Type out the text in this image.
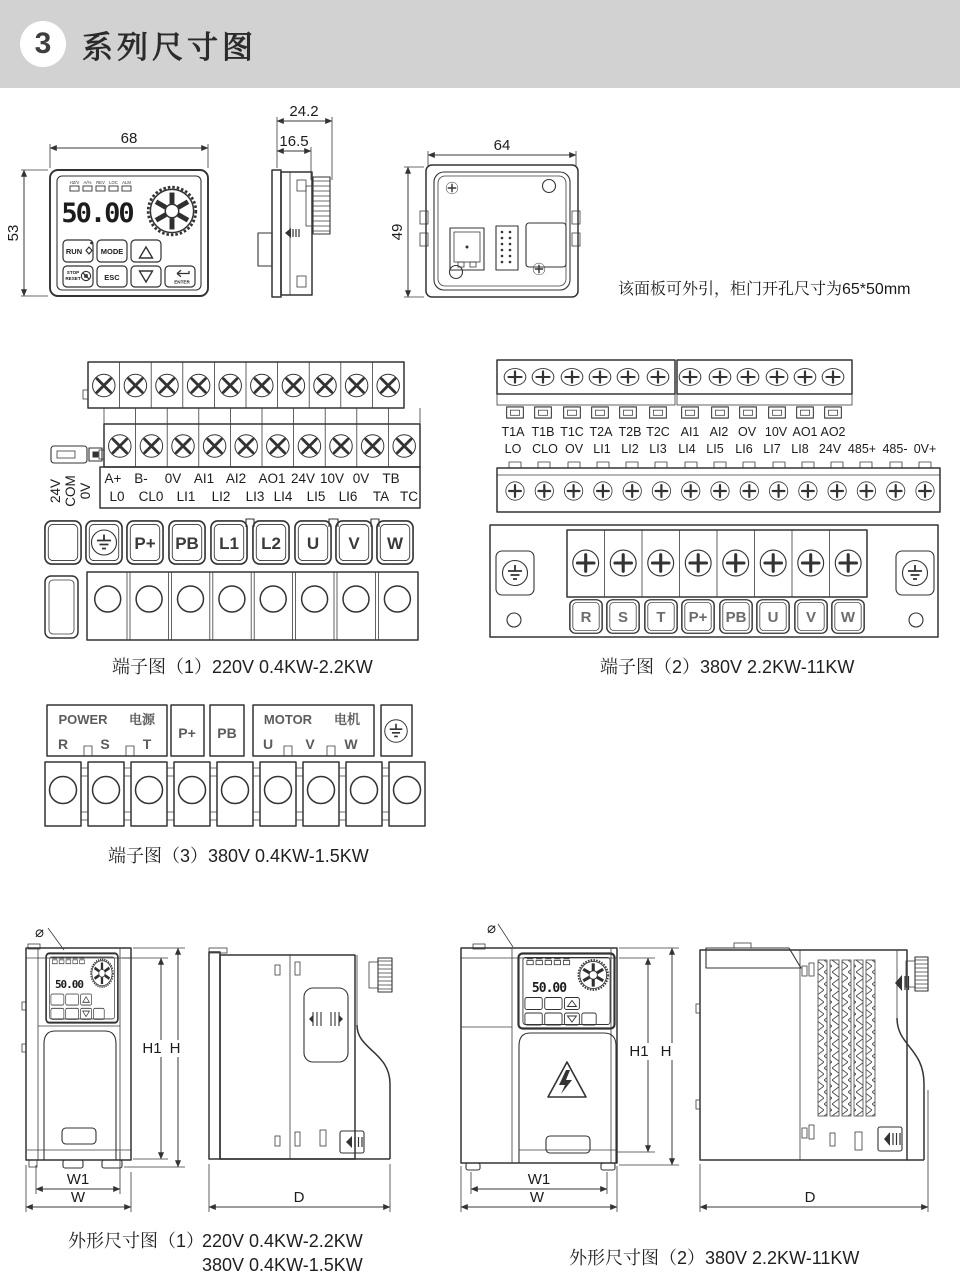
3 系列尺寸图
68
53
HZ/V A/% REV LOC ALM
50.00
RUN MODE
STOP
RESET	ESC	ENTER
24.2
16.5	64
49
该面板可外引，柜门开孔尺寸为65*50mm
24V COM 0V
A+ B- 0V AI1 AI2 AO1 24V 10V 0V TB
L0 CL0 LI1 LI2 LI3 LI4 LI5 LI6 TA TC
P+ PB L1 L2 U V W
端子图（1）220V 0.4KW-2.2KW
T1A T1B T1C T2A T2B T2C AI1 AI2 OV 10V AO1 AO2
LO CLO OV LI1 LI2 LI3 LI4 LI5 LI6 LI7 LI8 24V 485+ 485- 0V+
R S T P+ PB U V W
端子图（2）380V 2.2KW-11KW
POWER 电源
R S T
P+ PB
MOTOR 电机
U V W
端子图（3）380V 0.4KW-1.5KW
⌀
50.00
H1 H
W1
W	D
外形尺寸图（1）
220V 0.4KW-2.2KW
380V 0.4KW-1.5KW
⌀
50.00
H1 H
W1
W	D
外形尺寸图（2） 380V 2.2KW-11KW
